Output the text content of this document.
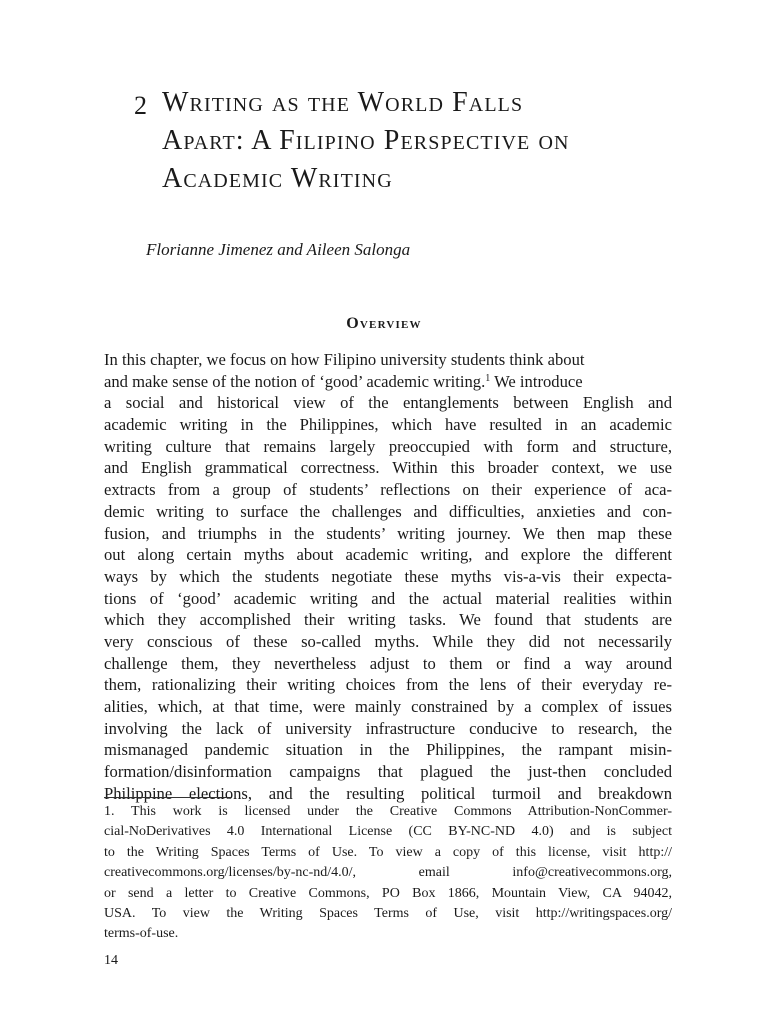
2 Writing as the World Falls
Apart: A Filipino Perspective on
Academic Writing
Florianne Jimenez and Aileen Salonga
Overview
In this chapter, we focus on how Filipino university students think about
and make sense of the notion of ‘good’ academic writing.$^1$ We introduce
a social and historical view of the entanglements between English and
academic writing in the Philippines, which have resulted in an academic
writing culture that remains largely preoccupied with form and structure,
and English grammatical correctness. Within this broader context, we use
extracts from a group of students’ reflections on their experience of aca-
demic writing to surface the challenges and difficulties, anxieties and con-
fusion, and triumphs in the students’ writing journey. We then map these
out along certain myths about academic writing, and explore the different
ways by which the students negotiate these myths vis-a-vis their expecta-
tions of ‘good’ academic writing and the actual material realities within
which they accomplished their writing tasks. We found that students are
very conscious of these so-called myths. While they did not necessarily
challenge them, they nevertheless adjust to them or find a way around
them, rationalizing their writing choices from the lens of their everyday re-
alities, which, at that time, were mainly constrained by a complex of issues
involving the lack of university infrastructure conducive to research, the
mismanaged pandemic situation in the Philippines, the rampant misin-
formation/disinformation campaigns that plagued the just-then concluded
Philippine elections, and the resulting political turmoil and breakdown
1. This work is licensed under the Creative Commons Attribution-NonCommer-
cial-NoDerivatives 4.0 International License (CC BY-NC-ND 4.0) and is subject
to the Writing Spaces Terms of Use. To view a copy of this license, visit http://
creativecommons.org/licenses/by-nc-nd/4.0/, email info@creativecommons.org,
or send a letter to Creative Commons, PO Box 1866, Mountain View, CA 94042,
USA. To view the Writing Spaces Terms of Use, visit http://writingspaces.org/
terms-of-use.
14
